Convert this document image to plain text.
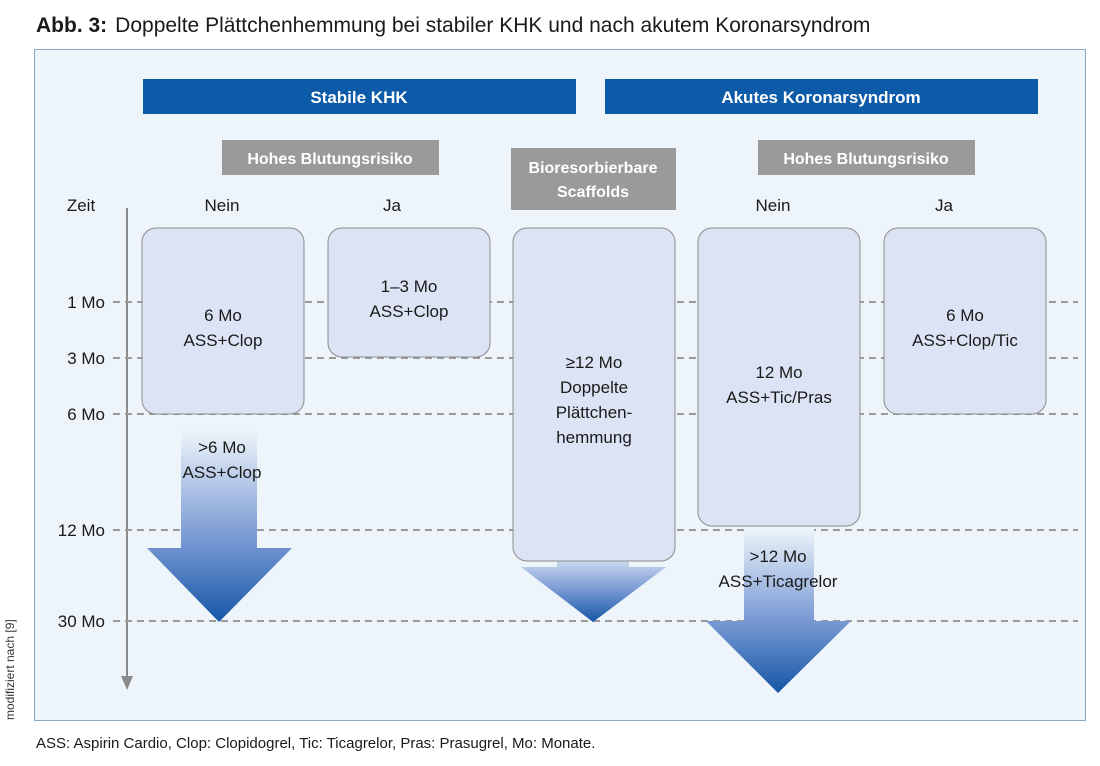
Abb. 3: Doppelte Plättchenhemmung bei stabiler KHK und nach akutem Koronarsyndrom
Zeit
1 Mo
3 Mo
6 Mo
12 Mo
30 Mo
Stabile KHK	Akutes Koronarsyndrom
Hohes Blutungsrisiko
Bioresorbierbare
Scaffolds
Hohes Blutungsrisiko
Nein	Ja	Nein	Ja
6 Mo
ASS+Clop
1–3 Mo
ASS+Clop
≥12 Mo
Doppelte
Plättchen-
hemmung
12 Mo
ASS+Tic/Pras
6 Mo
ASS+Clop/Tic
>6 Mo
ASS+Clop
>12 Mo
ASS+Ticagrelor
modifiziert nach [9]
ASS: Aspirin Cardio, Clop: Clopidogrel, Tic: Ticagrelor, Pras: Prasugrel, Mo: Monate.
